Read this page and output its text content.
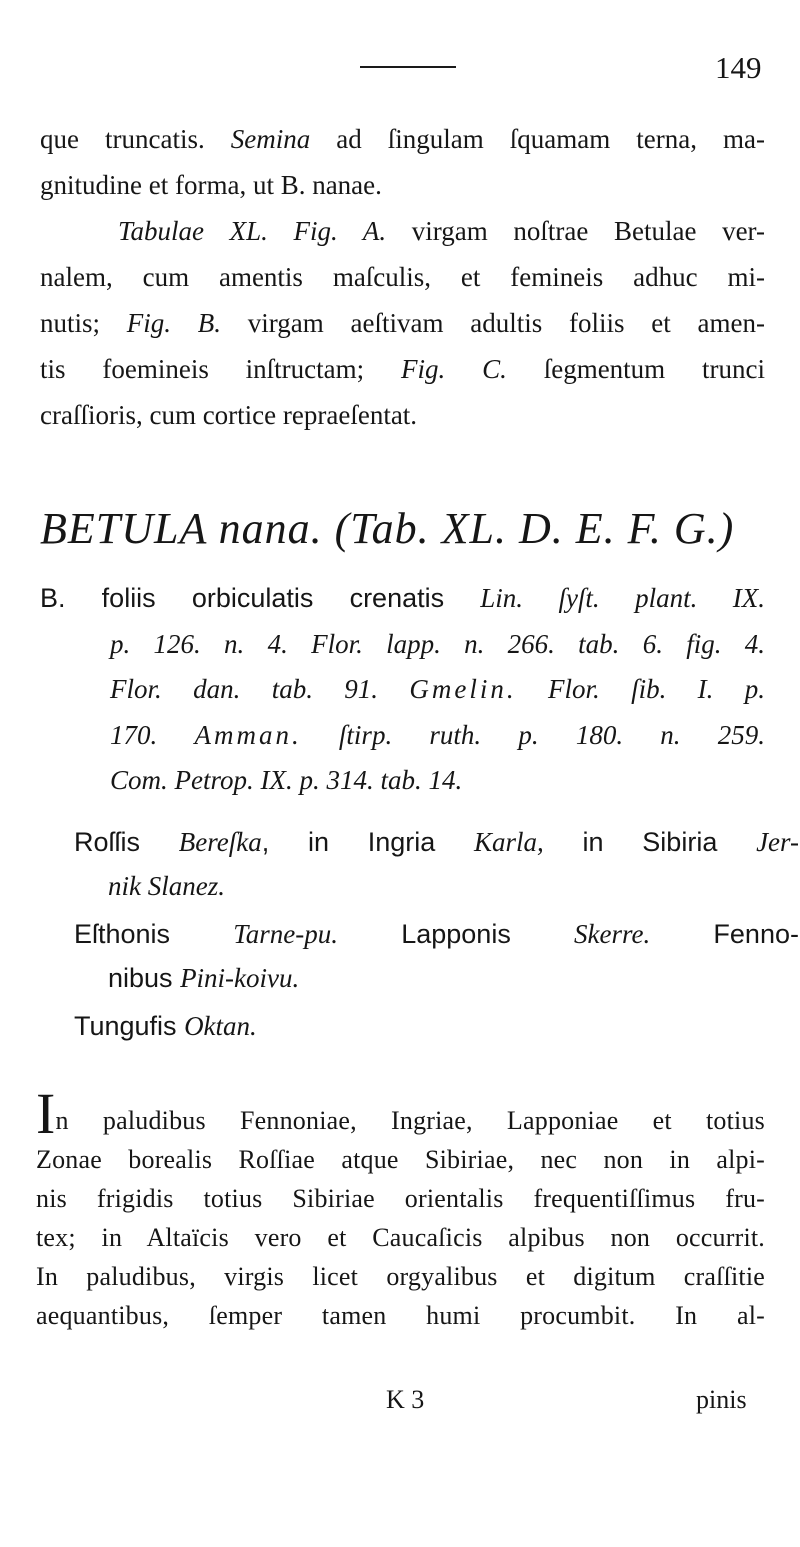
149
que truncatis. Semina ad ſingulam ſquamam terna, ma-
gnitudine et forma, ut B. nanae.
Tabulae XL. Fig. A. virgam noſtrae Betulae ver-
nalem, cum amentis maſculis, et femineis adhuc mi-
nutis; Fig. B. virgam aeſtivam adultis foliis et amen-
tis foemineis inſtructam; Fig. C. ſegmentum trunci
craſſioris, cum cortice repraeſentat.
BETULA nana. (Tab. XL. D. E. F. G.)
B. foliis orbiculatis crenatis Lin. ſyſt. plant. IX.
p. 126. n. 4. Flor. lapp. n. 266. tab. 6. fig. 4.
Flor. dan. tab. 91. Gmelin. Flor. ſib. I. p.
170. Amman. ſtirp. ruth. p. 180. n. 259.
Com. Petrop. IX. p. 314. tab. 14.
Roſſis Bereſka, in Ingria Karla, in Sibiria Jer-
nik Slanez.
Eſthonis Tarne-pu. Lapponis Skerre. Fenno-
nibus Pini-koivu.
Tungufis Oktan.
In paludibus Fennoniae, Ingriae, Lapponiae et totius
Zonae borealis Roſſiae atque Sibiriae, nec non in alpi-
nis frigidis totius Sibiriae orientalis frequentiſſimus fru-
tex; in Altaïcis vero et Caucaſicis alpibus non occurrit.
In paludibus, virgis licet orgyalibus et digitum craſſitie
aequantibus, ſemper tamen humi procumbit. In al-
K 3	pinis
